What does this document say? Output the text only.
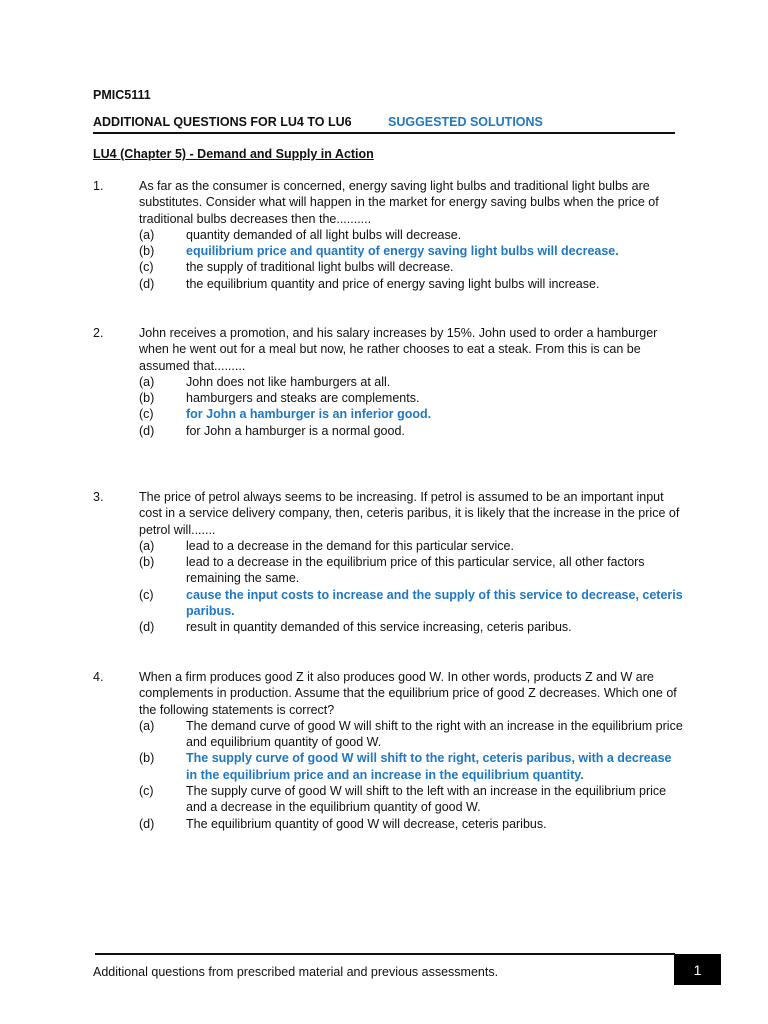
PMIC5111
ADDITIONAL QUESTIONS FOR LU4 TO LU6	SUGGESTED SOLUTIONS
LU4 (Chapter 5) - Demand and Supply in Action
1.	As far as the consumer is concerned, energy saving light bulbs and traditional light bulbs are substitutes. Consider what will happen in the market for energy saving bulbs when the price of traditional bulbs decreases then the..........
(a)	quantity demanded of all light bulbs will decrease.
(b)	equilibrium price and quantity of energy saving light bulbs will decrease.
(c)	the supply of traditional light bulbs will decrease.
(d)	the equilibrium quantity and price of energy saving light bulbs will increase.
2.	John receives a promotion, and his salary increases by 15%. John used to order a hamburger when he went out for a meal but now, he rather chooses to eat a steak. From this is can be assumed that.........
(a)	John does not like hamburgers at all.
(b)	hamburgers and steaks are complements.
(c)	for John a hamburger is an inferior good.
(d)	for John a hamburger is a normal good.
3.	The price of petrol always seems to be increasing. If petrol is assumed to be an important input cost in a service delivery company, then, ceteris paribus, it is likely that the increase in the price of petrol will.......
(a)	lead to a decrease in the demand for this particular service.
(b)	lead to a decrease in the equilibrium price of this particular service, all other factors remaining the same.
(c)	cause the input costs to increase and the supply of this service to decrease, ceteris paribus.
(d)	result in quantity demanded of this service increasing, ceteris paribus.
4.	When a firm produces good Z it also produces good W. In other words, products Z and W are complements in production. Assume that the equilibrium price of good Z decreases. Which one of the following statements is correct?
(a)	The demand curve of good W will shift to the right with an increase in the equilibrium price and equilibrium quantity of good W.
(b)	The supply curve of good W will shift to the right, ceteris paribus, with a decrease in the equilibrium price and an increase in the equilibrium quantity.
(c)	The supply curve of good W will shift to the left with an increase in the equilibrium price and a decrease in the equilibrium quantity of good W.
(d)	The equilibrium quantity of good W will decrease, ceteris paribus.
Additional questions from prescribed material and previous assessments.	1
